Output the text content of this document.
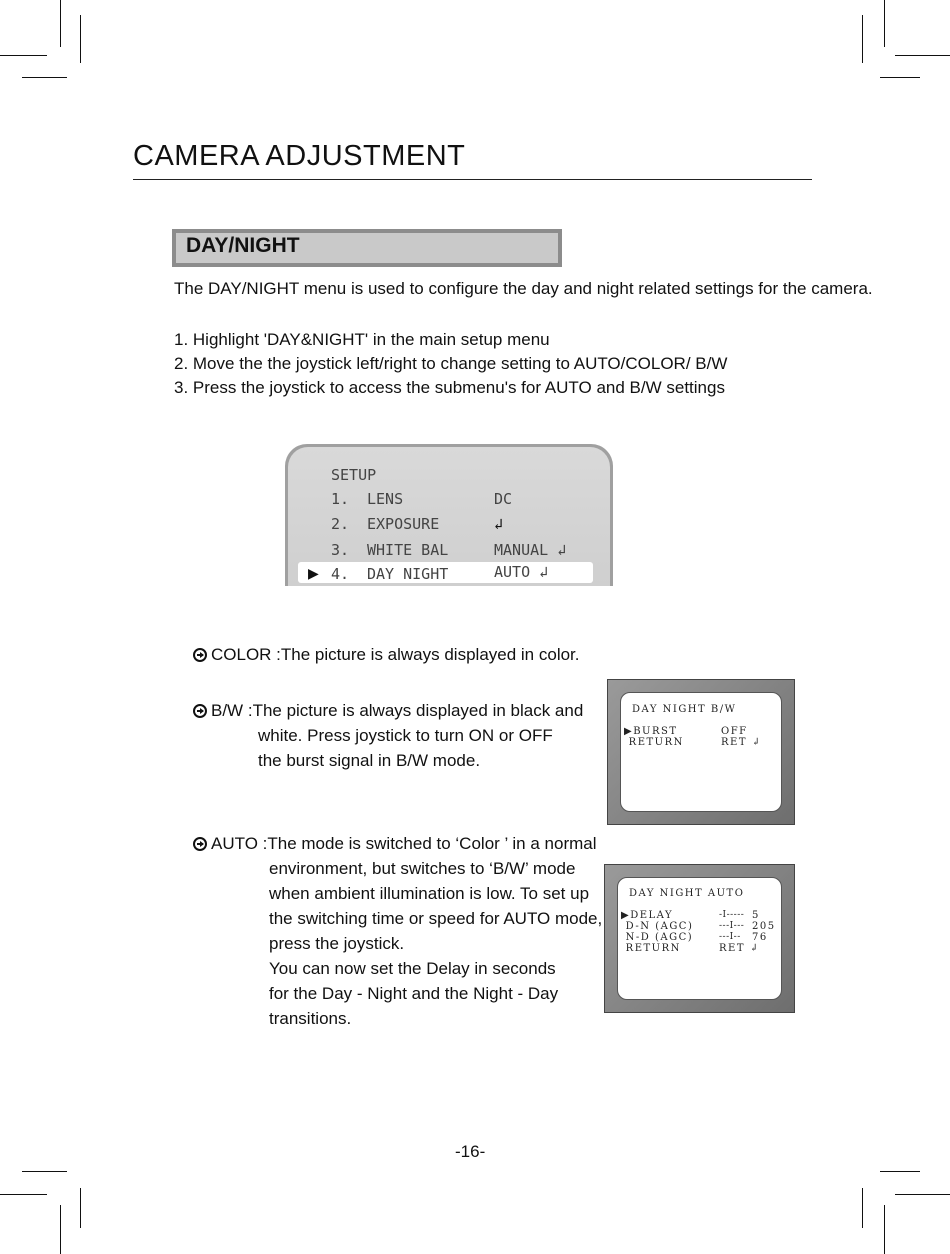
CAMERA ADJUSTMENT
DAY/NIGHT
The DAY/NIGHT menu is used to configure the day and night related settings for the camera.
1. Highlight 'DAY&NIGHT' in the main setup menu
2. Move the the joystick left/right to change setting to AUTO/COLOR/ B/W
3. Press the joystick to access the submenu's for AUTO and B/W settings
SETUP
1. LENS	DC
2. EXPOSURE	↲
3. WHITE BAL	MANUAL ↲
▶ 4. DAY NIGHT	AUTO ↲
COLOR :The picture is always displayed in color.
B/W :The picture is always displayed in black and
white. Press joystick to turn ON or OFF
the burst signal in B/W mode.
AUTO :The mode is switched to ‘Color ’ in a normal
environment, but switches to ‘B/W’ mode
when ambient illumination is low. To set up
the switching time or speed for AUTO mode,
press the joystick.
You can now set the Delay in seconds
for the Day - Night and the Night - Day
transitions.
DAY NIGHT B/W
▶BURST	OFF
RETURN	RET ↲
DAY NIGHT AUTO
▶DELAY	-I----- 5
D-N (AGC)	---I--- 205
N-D (AGC)	---I-- 76
RETURN	RET ↲
-16-
